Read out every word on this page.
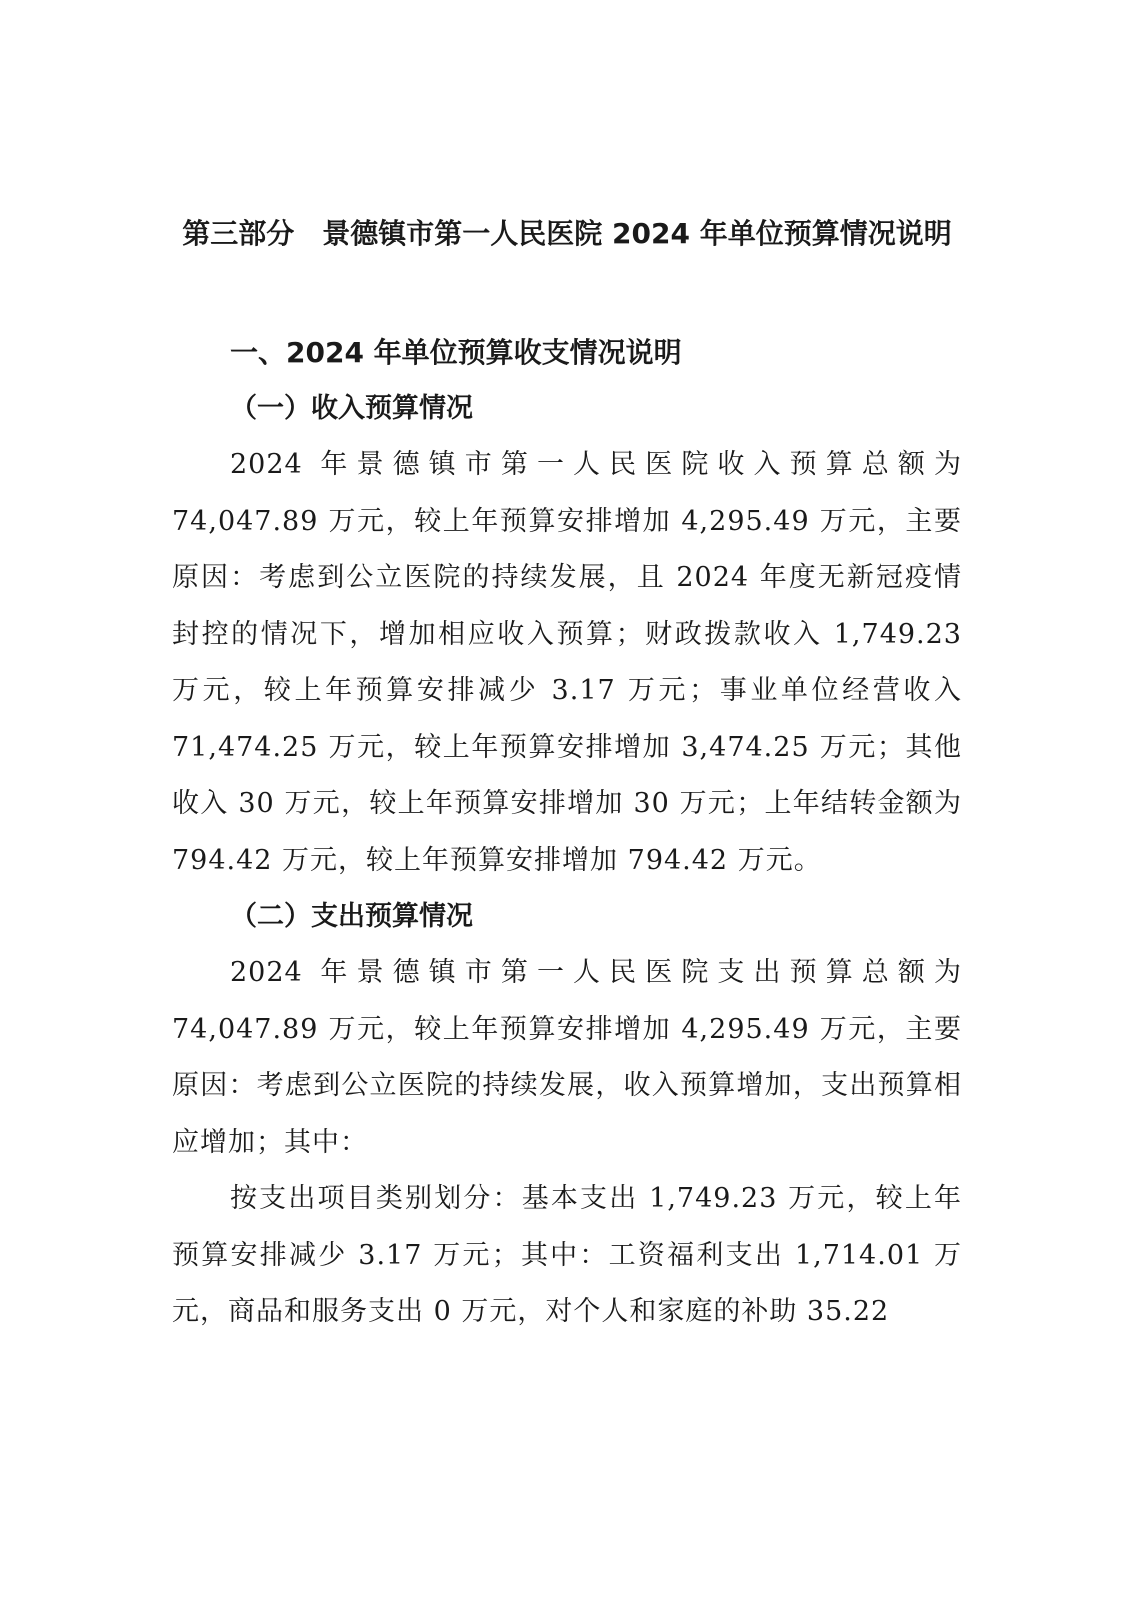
第三部分　景德镇市第一人民医院 2024 年单位预算情况说明
一、2024 年单位预算收支情况说明
（一）收入预算情况

2024 年景德镇市第一人民医院收入预算总额为 74,047.89 万元，较上年预算安排增加 4,295.49 万元，主要原因：考虑到公立医院的持续发展，且 2024 年度无新冠疫情封控的情况下，增加相应收入预算；财政拨款收入 1,749.23 万元，较上年预算安排减少 3.17 万元；事业单位经营收入 71,474.25 万元，较上年预算安排增加 3,474.25 万元；其他收入 30 万元，较上年预算安排增加 30 万元；上年结转金额为 794.42 万元，较上年预算安排增加 794.42 万元。

（二）支出预算情况

2024 年景德镇市第一人民医院支出预算总额为 74,047.89 万元，较上年预算安排增加 4,295.49 万元，主要原因：考虑到公立医院的持续发展，收入预算增加，支出预算相应增加；其中：

按支出项目类别划分：基本支出 1,749.23 万元，较上年预算安排减少 3.17 万元；其中：工资福利支出 1,714.01 万元，商品和服务支出 0 万元，对个人和家庭的补助 35.22
